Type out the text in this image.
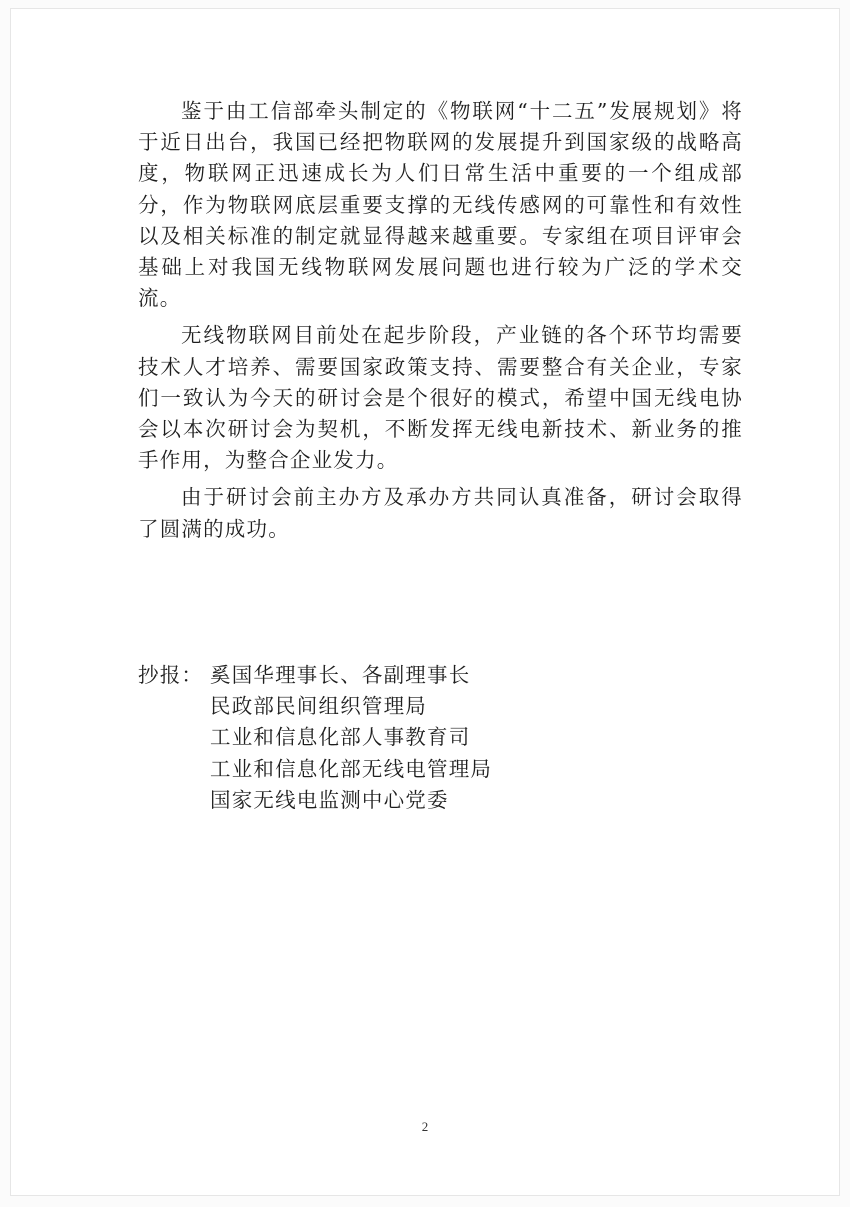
鉴于由工信部牵头制定的《物联网“十二五”发展规划》将于近日出台，我国已经把物联网的发展提升到国家级的战略高度，物联网正迅速成长为人们日常生活中重要的一个组成部分，作为物联网底层重要支撑的无线传感网的可靠性和有效性以及相关标准的制定就显得越来越重要。专家组在项目评审会基础上对我国无线物联网发展问题也进行较为广泛的学术交流。

无线物联网目前处在起步阶段，产业链的各个环节均需要技术人才培养、需要国家政策支持、需要整合有关企业，专家们一致认为今天的研讨会是个很好的模式，希望中国无线电协会以本次研讨会为契机，不断发挥无线电新技术、新业务的推手作用，为整合企业发力。

由于研讨会前主办方及承办方共同认真准备，研讨会取得了圆满的成功。

抄报： 奚国华理事长、各副理事长
民政部民间组织管理局
工业和信息化部人事教育司
工业和信息化部无线电管理局
国家无线电监测中心党委
2
